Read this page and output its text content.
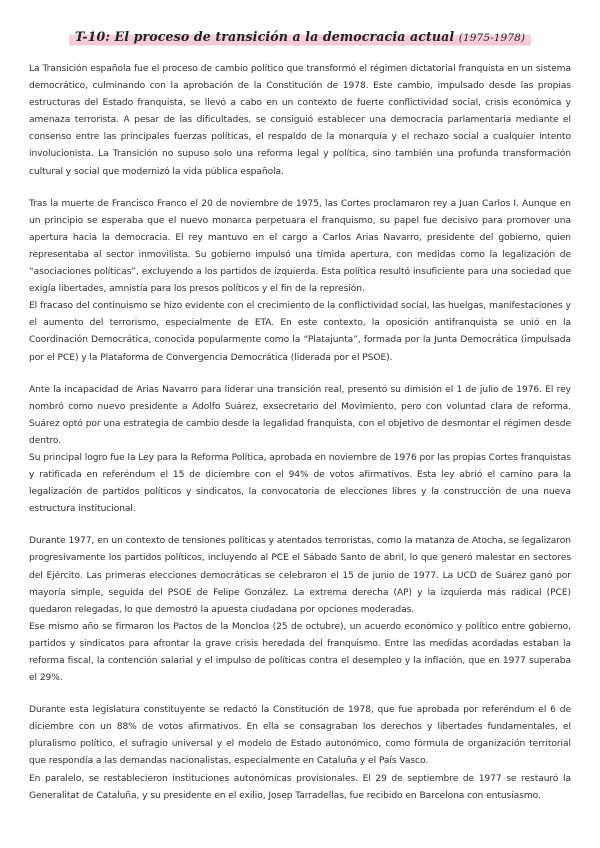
T-10: El proceso de transición a la democracia actual (1975-1978)

La Transición española fue el proceso de cambio político que transformó el régimen dictatorial franquista en un sistema democrático, culminando con la aprobación de la Constitución de 1978. Este cambio, impulsado desde las propias estructuras del Estado franquista, se llevó a cabo en un contexto de fuerte conflictividad social, crisis económica y amenaza terrorista. A pesar de las dificultades, se consiguió establecer una democracia parlamentaria mediante el consenso entre las principales fuerzas políticas, el respaldo de la monarquía y el rechazo social a cualquier intento involucionista. La Transición no supuso solo una reforma legal y política, sino también una profunda transformación cultural y social que modernizó la vida pública española.

Tras la muerte de Francisco Franco el 20 de noviembre de 1975, las Cortes proclamaron rey a Juan Carlos I. Aunque en un principio se esperaba que el nuevo monarca perpetuara el franquismo, su papel fue decisivo para promover una apertura hacia la democracia. El rey mantuvo en el cargo a Carlos Arias Navarro, presidente del gobierno, quien representaba al sector inmovilista. Su gobierno impulsó una tímida apertura, con medidas como la legalización de “asociaciones políticas”, excluyendo a los partidos de izquierda. Esta política resultó insuficiente para una sociedad que exigía libertades, amnistía para los presos políticos y el fin de la represión.

El fracaso del continuismo se hizo evidente con el crecimiento de la conflictividad social, las huelgas, manifestaciones y el aumento del terrorismo, especialmente de ETA. En este contexto, la oposición antifranquista se unió en la Coordinación Democrática, conocida popularmente como la “Platajunta”, formada por la Junta Democrática (impulsada por el PCE) y la Plataforma de Convergencia Democrática (liderada por el PSOE).

Ante la incapacidad de Arias Navarro para liderar una transición real, presentó su dimisión el 1 de julio de 1976. El rey nombró como nuevo presidente a Adolfo Suárez, exsecretario del Movimiento, pero con voluntad clara de reforma. Suárez optó por una estrategia de cambio desde la legalidad franquista, con el objetivo de desmontar el régimen desde dentro.

Su principal logro fue la Ley para la Reforma Política, aprobada en noviembre de 1976 por las propias Cortes franquistas y ratificada en referéndum el 15 de diciembre con el 94% de votos afirmativos. Esta ley abrió el camino para la legalización de partidos políticos y sindicatos, la convocatoria de elecciones libres y la construcción de una nueva estructura institucional.

Durante 1977, en un contexto de tensiones políticas y atentados terroristas, como la matanza de Atocha, se legalizaron progresivamente los partidos políticos, incluyendo al PCE el Sábado Santo de abril, lo que generó malestar en sectores del Ejército. Las primeras elecciones democráticas se celebraron el 15 de junio de 1977. La UCD de Suárez ganó por mayoría simple, seguida del PSOE de Felipe González. La extrema derecha (AP) y la izquierda más radical (PCE) quedaron relegadas, lo que demostró la apuesta ciudadana por opciones moderadas.

Ese mismo año se firmaron los Pactos de la Moncloa (25 de octubre), un acuerdo económico y político entre gobierno, partidos y sindicatos para afrontar la grave crisis heredada del franquismo. Entre las medidas acordadas estaban la reforma fiscal, la contención salarial y el impulso de políticas contra el desempleo y la inflación, que en 1977 superaba el 29%.

Durante esta legislatura constituyente se redactó la Constitución de 1978, que fue aprobada por referéndum el 6 de diciembre con un 88% de votos afirmativos. En ella se consagraban los derechos y libertades fundamentales, el pluralismo político, el sufragio universal y el modelo de Estado autonómico, como fórmula de organización territorial que respondía a las demandas nacionalistas, especialmente en Cataluña y el País Vasco.

En paralelo, se restablecieron instituciones autonómicas provisionales. El 29 de septiembre de 1977 se restauró la Generalitat de Cataluña, y su presidente en el exilio, Josep Tarradellas, fue recibido en Barcelona con entusiasmo.
